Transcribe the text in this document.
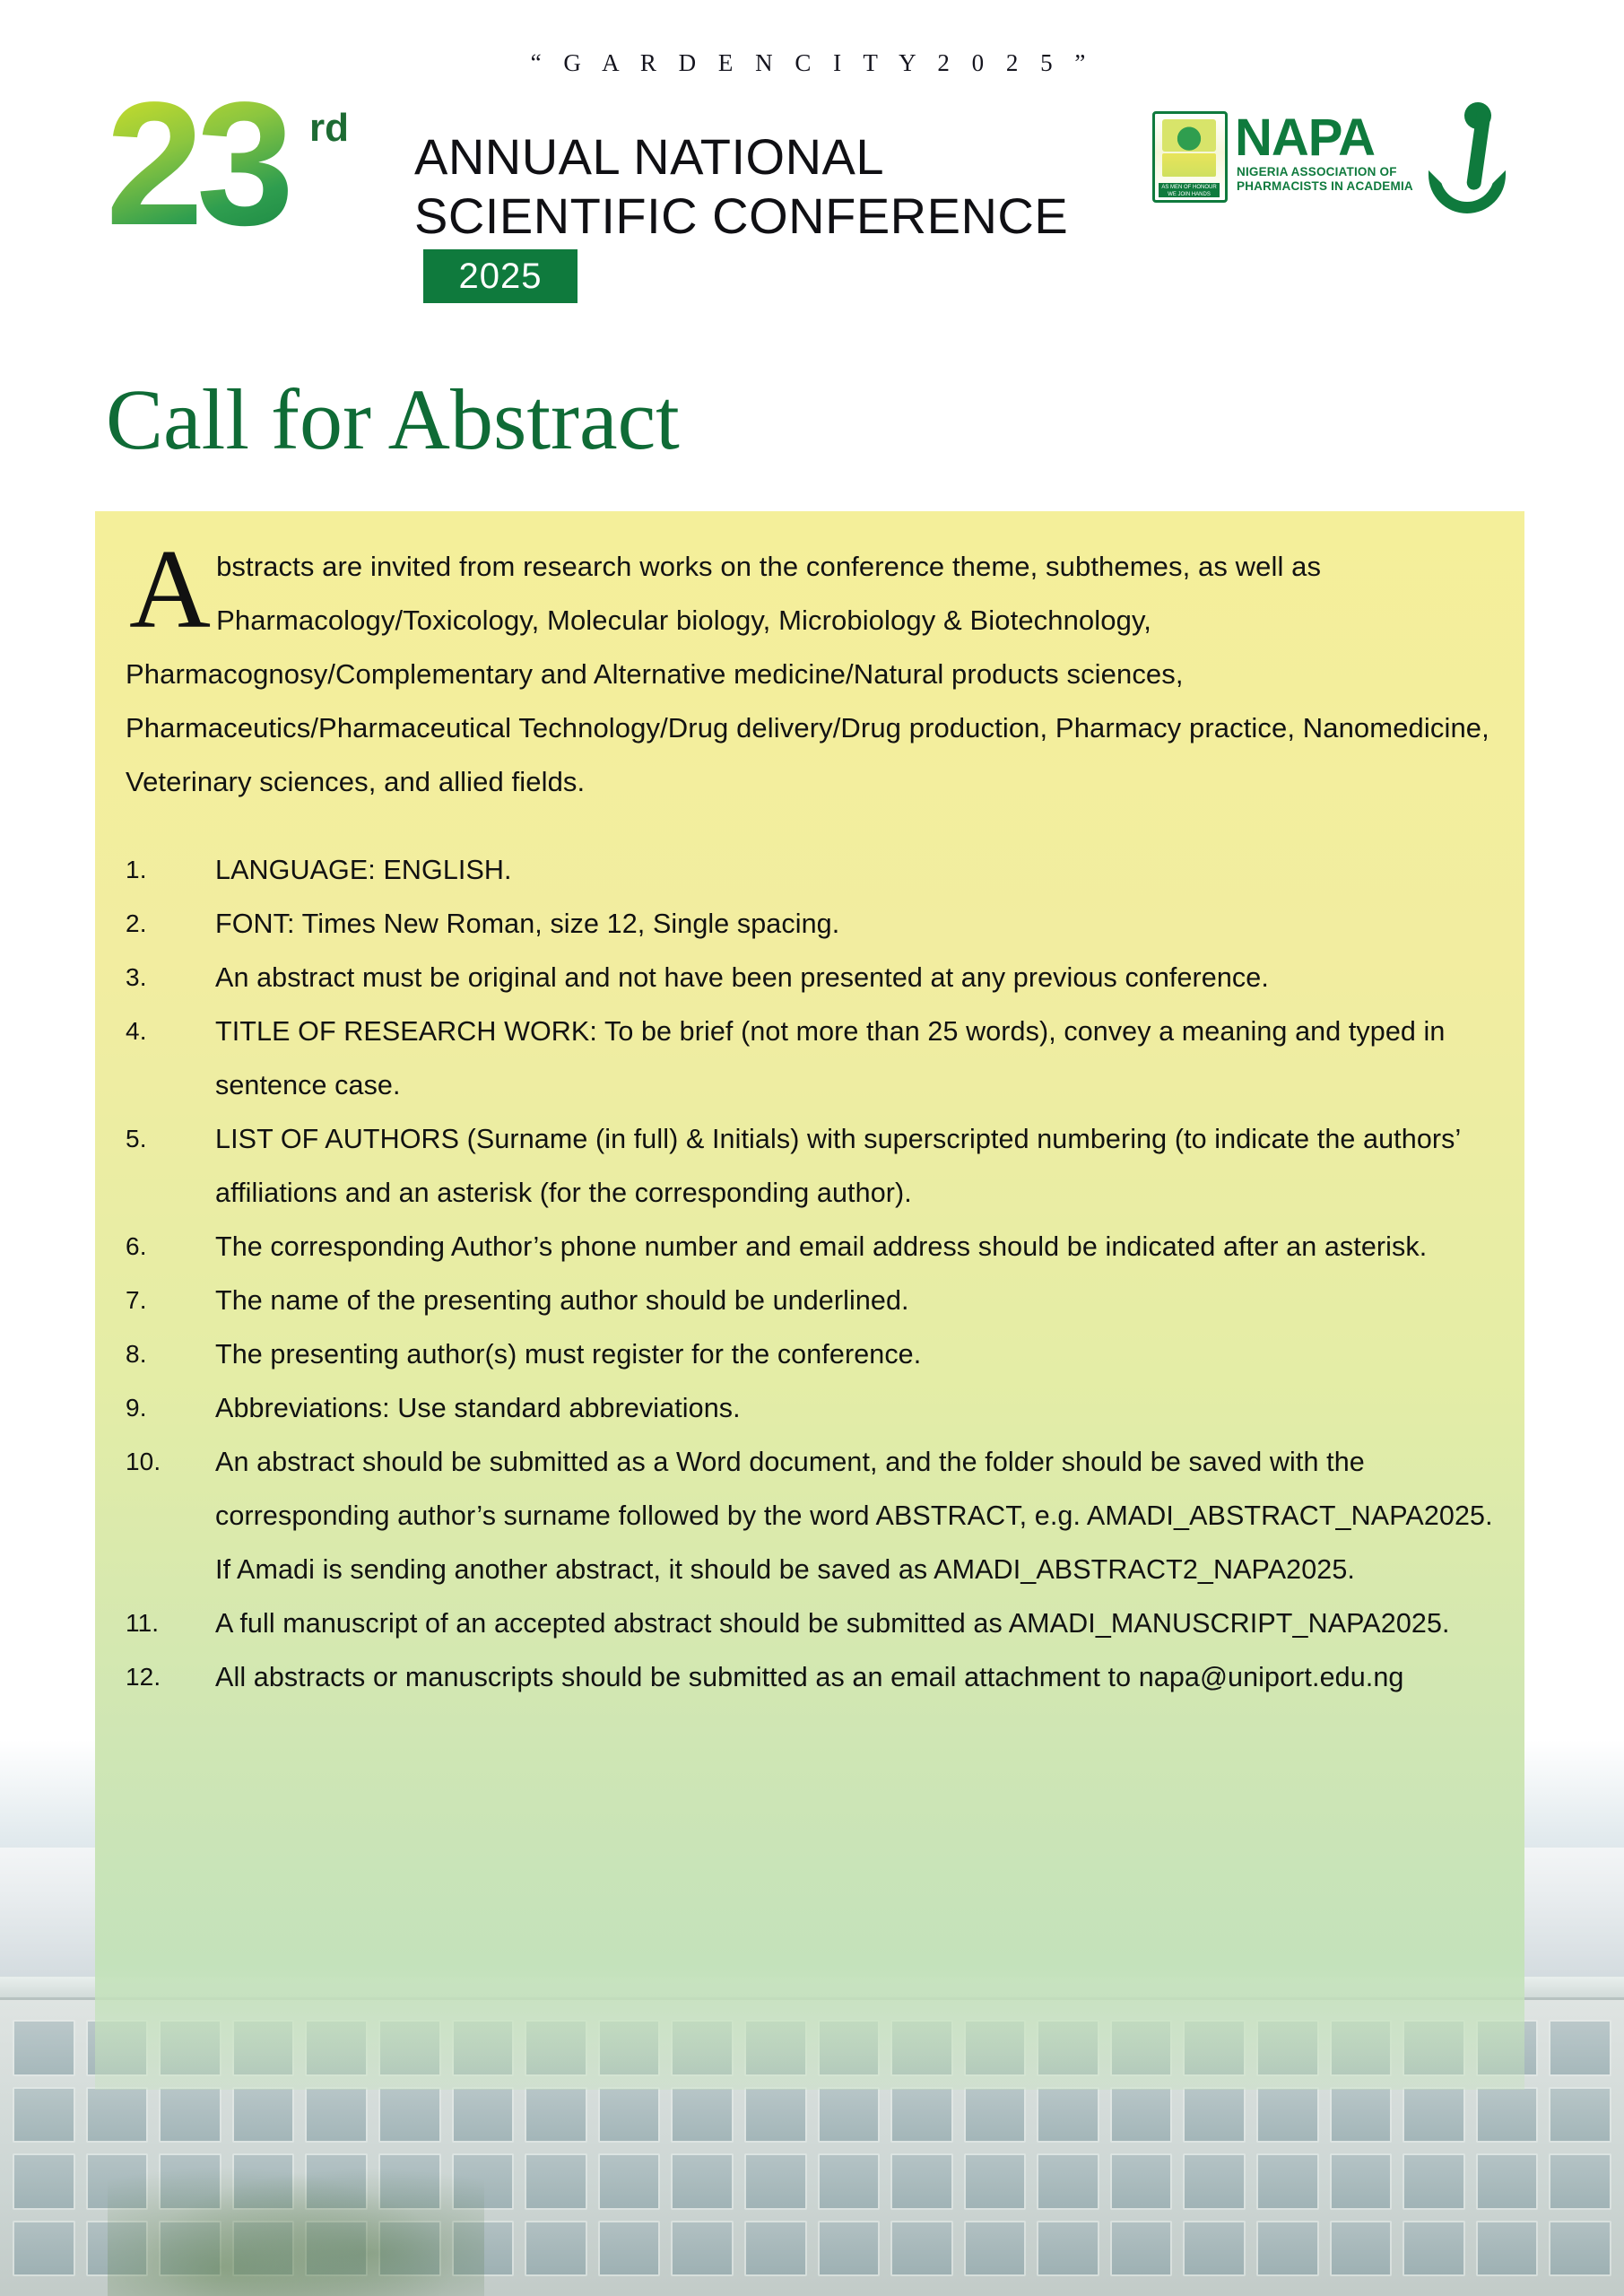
“ G A R D E N C I T Y 2 0 2 5 ”
23 rd
ANNUAL NATIONAL
SCIENTIFIC CONFERENCE
2025
AS MEN OF HONOUR WE JOIN HANDS
NAPA
NIGERIA ASSOCIATION OF
PHARMACISTS IN ACADEMIA
Call for Abstract
Abstracts are invited from research works on the conference theme, subthemes, as well as Pharmacology/Toxicology, Molecular biology, Microbiology & Biotechnology, Pharmacognosy/Complementary and Alternative medicine/Natural products sciences, Pharmaceutics/Pharmaceutical Technology/Drug delivery/Drug production, Pharmacy practice, Nanomedicine, Veterinary sciences, and allied fields.
LANGUAGE: ENGLISH.
FONT: Times New Roman, size 12, Single spacing.
An abstract must be original and not have been presented at any previous conference.
TITLE OF RESEARCH WORK: To be brief (not more than 25 words), convey a meaning and typed in sentence case.
LIST OF AUTHORS (Surname (in full) & Initials) with superscripted numbering (to indicate the authors’ affiliations and an asterisk (for the corresponding author).
The corresponding Author’s phone number and email address should be indicated after an asterisk.
The name of the presenting author should be underlined.
The presenting author(s) must register for the conference.
Abbreviations: Use standard abbreviations.
An abstract should be submitted as a Word document, and the folder should be saved with the corresponding author’s surname followed by the word ABSTRACT, e.g. AMADI_ABSTRACT_NAPA2025. If Amadi is sending another abstract, it should be saved as AMADI_ABSTRACT2_NAPA2025.
A full manuscript of an accepted abstract should be submitted as AMADI_MANUSCRIPT_NAPA2025.
All abstracts or manuscripts should be submitted as an email attachment to napa@uniport.edu.ng
